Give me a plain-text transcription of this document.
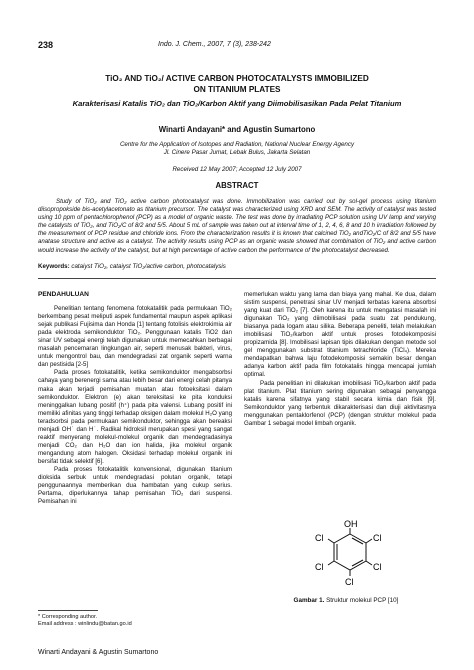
238	Indo. J. Chem., 2007, 7 (3), 238-242
TiO₂ AND TiO₂/ ACTIVE CARBON PHOTOCATALYSTS IMMOBILIZED
ON TITANIUM PLATES
Karakterisasi Katalis TiO₂ dan TiO₂/Karbon Aktif yang Diimobilisasikan Pada Pelat Titanium
Winarti Andayani* and Agustin Sumartono
Centre for the Application of Isotopes and Radiation, National Nuclear Energy Agency
Jl. Cinere Pasar Jumat, Lebak Bulus, Jakarta Selatan
Received 12 May 2007; Accepted 12 July 2007
ABSTRACT
Study of TiO₂ and TiO₂ active carbon photocatalyst was done. Immobilization was carried out by sol-gel process using titanium diisopropokside bis-acetylacetonato as titanium precursor. The catalyst was characterized using XRD and SEM. The activity of catalyst was tested using 10 ppm of pentachlorophenol (PCP) as a model of organic waste. The test was done by irradiating PCP solution using UV lamp and varying the catalysts of TiO₂, and TiO₂/C of 8/2 and 5/5. About 5 mL of sample was taken out at interval time of 1, 2, 4, 6, 8 and 10 h irradiation followed by the measurement of PCP residue and chloride ions. From the characterization results it is known that calcined TiO₂ andTiO₂/C of 8/2 and 5/5 have anatase structure and active as a catalyst. The activity results using PCP as an organic waste showed that combination of TiO₂ and active carbon would increase the activity of the catalyst, but at high percentage of active carbon the performance of the photocatalyst decreased.
Keywords: cataiyst TiO₂, cataiyst TiO₂/active carbon, photocatalysis

PENDAHULUAN

Penelitian tentang fenomena fotokatalitik pada permukaan TiO₂ berkembang pesat meliputi aspek fundamental maupun aspek aplikasi sejak publikasi Fujisima dan Honda [1] tentang fotolisis elektrokimia air pada elektroda semikonduktor TiO₂. Penggunaan katalis TiO2 dan sinar UV sebagai energi telah digunakan untuk memecahkan berbagai masalah pencemaran lingkungan air, seperti menusak bakteri, virus, untuk mengontrol bau, dan mendegradasi zat organik seperti warna dan pestisida [2-5]

Pada proses fotokatalitik, ketika semikonduktor mengabsorbsi cahaya yang berenergi sama atau lebih besar dari energi celah pitanya maka akan terjadi pemisahan muatan atau fotoeksitasi dalam semikonduktor. Elektron (e) akan tereksitasi ke pita konduksi meninggalkan lubang positif (h⁺) pada pita valensi. Lubang positif ini memiliki afinitas yang tinggi terhadap oksigen dalam molekul H₂O yang teradsorbsi pada permukaan semikonduktor, sehingga akan bereaksi menjadi OH˙ dan H˙. Radikal hidroksil merupakan spesi yang sangat reaktif menyerang molekul-molekul organik dan mendegradasinya menjadi CO₂ dan H₂O dan ion halida, jika molekul organik mengandung atom halogen. Oksidasi terhadap molekul organik ini bersifat tidak selektif [6].

Pada proses fotokatalitik konvensional, digunakan titanium dioksida serbuk untuk mendegradasi polutan organik, tetapi penggunaannya memberikan dua hambatan yang cukup serius. Pertama, diperlukannya tahap pemisahan TiO₂ dari suspensi. Pemisahan ini

memerlukan waktu yang lama dan biaya yang mahal. Ke dua, dalam sistim suspensi, penetrasi sinar UV menjadi terbatas karena absorbsi yang kuat dari TiO₂ [7]. Oleh karena itu untuk mengatasi masalah ini digunakan TiO₂ yang diimobilisasi pada suatu zat pendukung, biasanya pada logam atau silika. Beberapa peneliti, telah melakukan imobilisasi TiO₂/karbon aktif untuk proses fotodekomposisi propizamida [8]. Imobilisasi lapisan tipis dilakukan dengan metode sol gel menggunakan substrat titanium tetrachloride (TiCl₄). Mereka mendapatkan bahwa laju fotodekomposisi semakin besar dengan adanya karbon aktif pada film fotokatalis hingga mencapai jumlah optimal.

Pada penelitian ini dilakukan imobilisasi TiO₂/karbon aktif pada plat titanium. Plat titanium sering digunakan sebagai penyangga katalis karena sifatnya yang stabil secara kimia dan fisik [9]. Semikonduktor yang terbentuk dikarakterisasi dan diuji aktivitasnya menggunakan pentaklorfenol (PCP) (dengan struktur molekul pada Gambar 1 sebagai model limbah organik.

OH
Cl
Cl
Cl
Cl
Cl
Gambar 1. Struktur molekul PCP [10]
* Corresponding author.
Email address : winlindu@batan.go.id
Winarti Andayani & Agustin Sumartono
